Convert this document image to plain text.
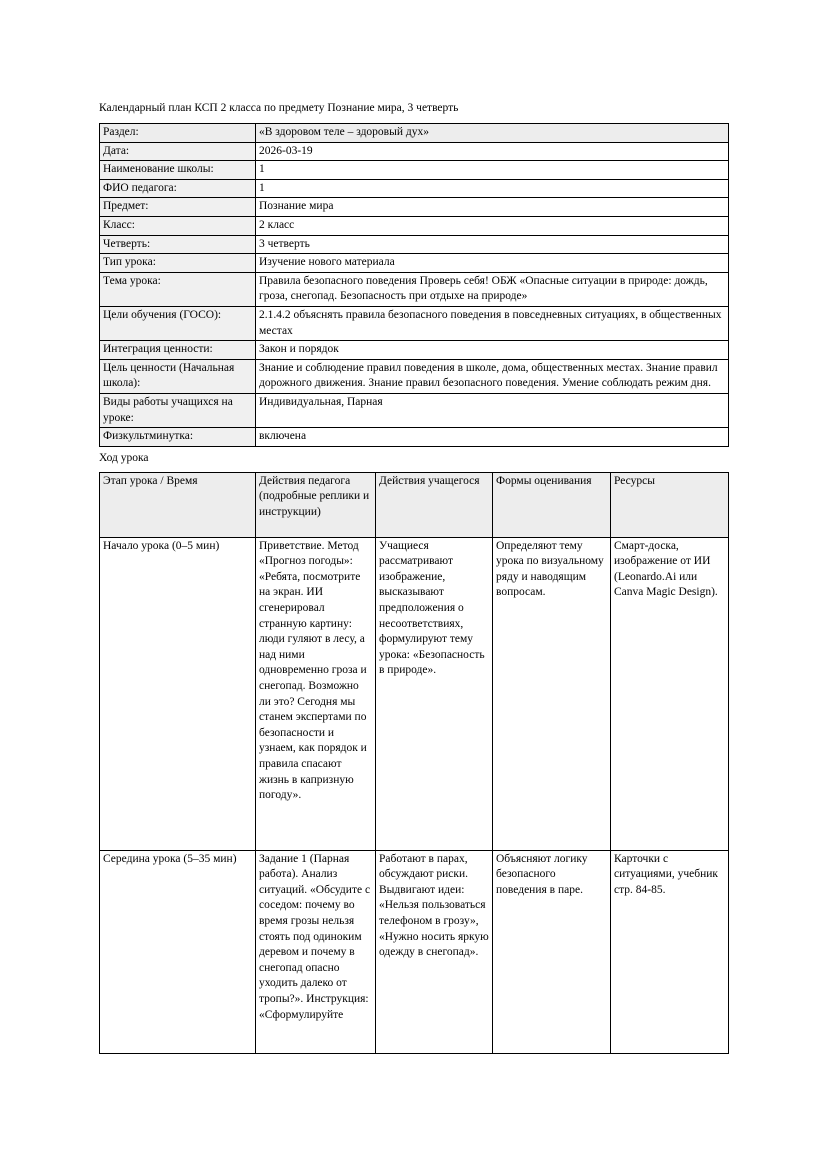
Календарный план КСП 2 класса по предмету Познание мира, 3 четверть
Раздел:	«В здоровом теле – здоровый дух»
Дата:	2026-03-19
Наименование школы:	1
ФИО педагога:	1
Предмет:	Познание мира
Класс:	2 класс
Четверть:	3 четверть
Тип урока:	Изучение нового материала
Тема урока:	Правила безопасного поведения Проверь себя! ОБЖ «Опасные ситуации в природе: дождь, гроза, снегопад. Безопасность при отдыхе на природе»
Цели обучения (ГОСО):	2.1.4.2 объяснять правила безопасного поведения в повседневных ситуациях, в общественных местах
Интеграция ценности:	Закон и порядок
Цель ценности (Начальная школа):	Знание и соблюдение правил поведения в школе, дома, общественных местах. Знание правил дорожного движения. Знание правил безопасного поведения. Умение соблюдать режим дня.
Виды работы учащихся на уроке:	Индивидуальная, Парная
Физкультминутка:	включена
Ход урока
Этап урока / Время	Действия педагога (подробные реплики и инструкции)	Действия учащегося	Формы оценивания	Ресурсы
Начало урока (0–5 мин)	Приветствие. Метод «Прогноз погоды»: «Ребята, посмотрите на экран. ИИ сгенерировал странную картину: люди гуляют в лесу, а над ними одновременно гроза и снегопад. Возможно ли это? Сегодня мы станем экспертами по безопасности и узнаем, как порядок и правила спасают жизнь в капризную погоду».	Учащиеся рассматривают изображение, высказывают предположения о несоответствиях, формулируют тему урока: «Безопасность в природе».	Определяют тему урока по визуальному ряду и наводящим вопросам.	Смарт-доска, изображение от ИИ (Leonardo.Ai или Canva Magic Design).
Середина урока (5–35 мин)	Задание 1 (Парная работа). Анализ ситуаций. «Обсудите с соседом: почему во время грозы нельзя стоять под одиноким деревом и почему в снегопад опасно уходить далеко от тропы?». Инструкция: «Сформулируйте	Работают в парах, обсуждают риски. Выдвигают идеи: «Нельзя пользоваться телефоном в грозу», «Нужно носить яркую одежду в снегопад».	Объясняют логику безопасного поведения в паре.	Карточки с ситуациями, учебник стр. 84-85.
